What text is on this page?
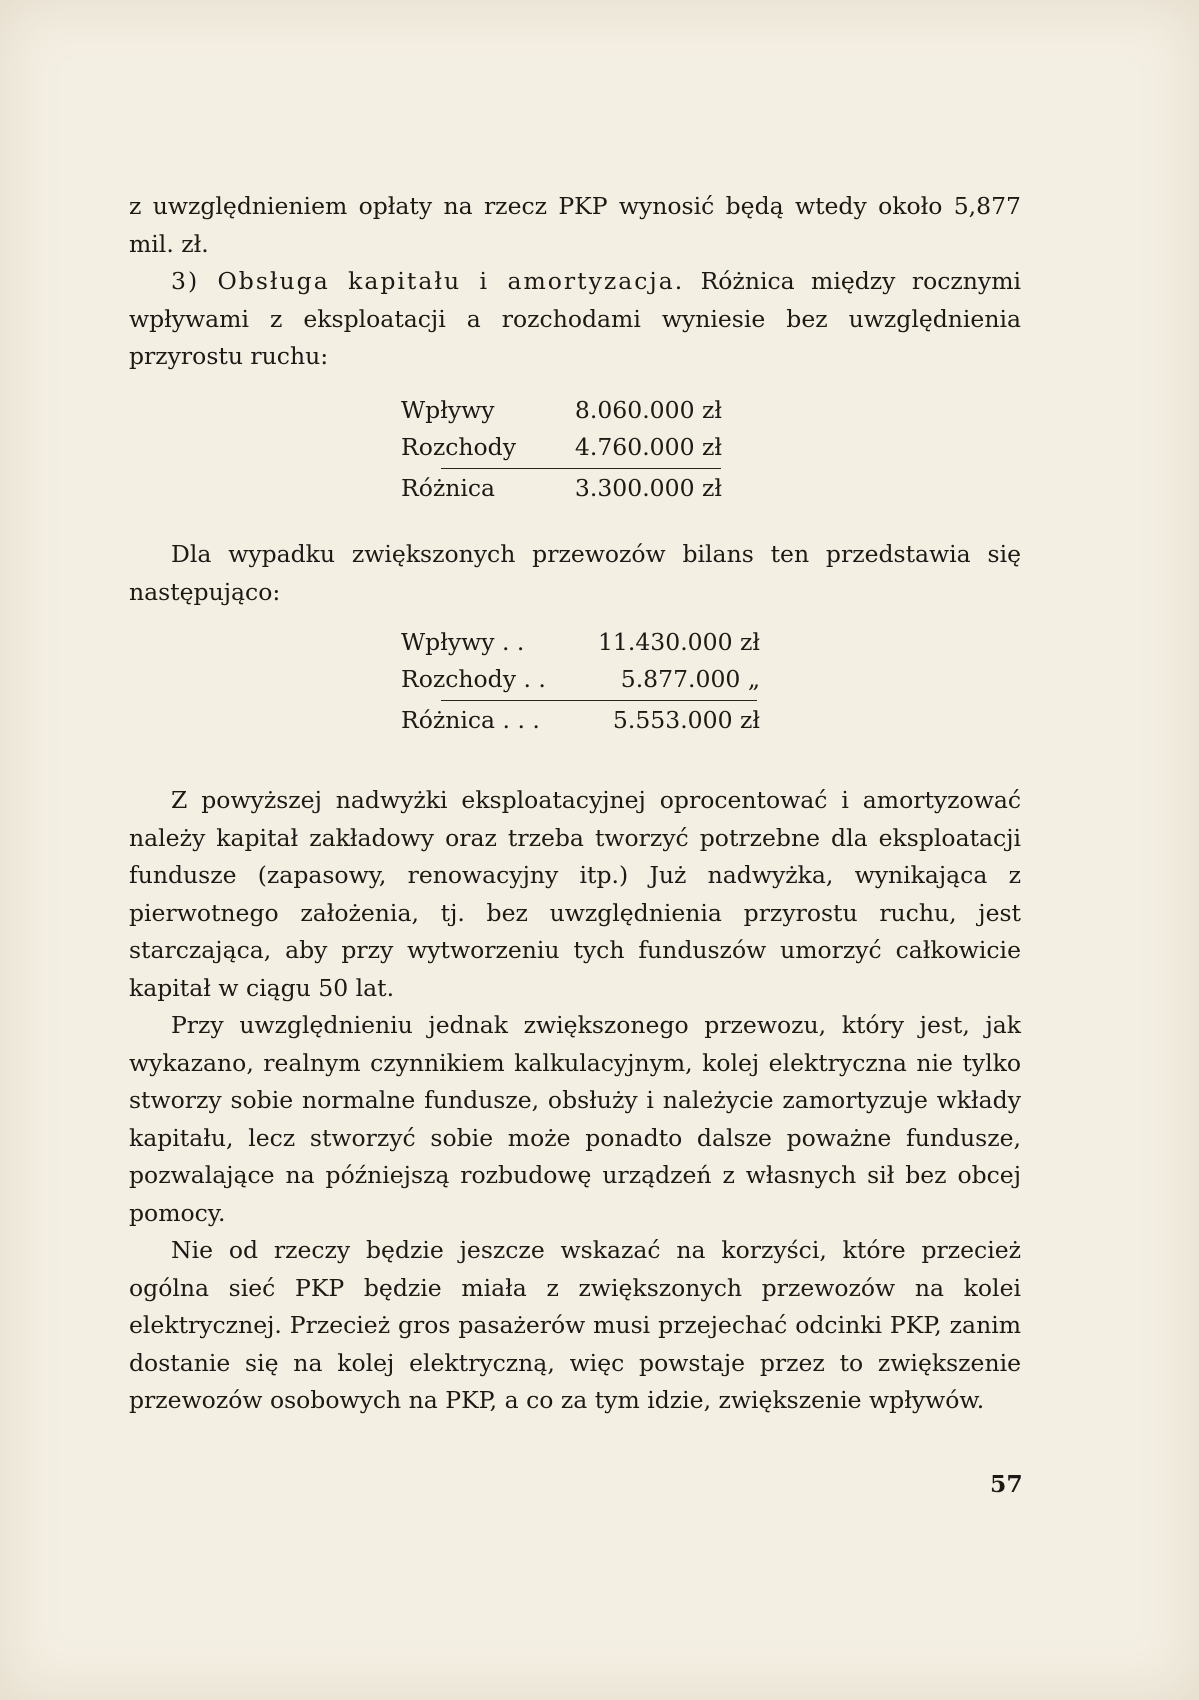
z uwzględnieniem opłaty na rzecz PKP wynosić będą wtedy około 5,877 mil. zł.

3) Obsługa kapitału i amortyzacja. Różnica między rocznymi wpływami z eksploatacji a rozchodami wyniesie bez uwzględnienia przyrostu ruchu:

Wpływy	8.060.000 zł
Rozchody	4.760.000 zł
Różnica	3.300.000 zł

Dla wypadku zwiększonych przewozów bilans ten przedstawia się następująco:

Wpływy . .	11.430.000 zł
Rozchody . .	5.877.000 „
Różnica . . .	5.553.000 zł

Z powyższej nadwyżki eksploatacyjnej oprocentować i amortyzować należy kapitał zakładowy oraz trzeba tworzyć potrzebne dla eksploatacji fundusze (zapasowy, renowacyjny itp.) Już nadwyżka, wynikająca z pierwotnego założenia, tj. bez uwzględnienia przyrostu ruchu, jest starczająca, aby przy wytworzeniu tych funduszów umorzyć całkowicie kapitał w ciągu 50 lat.

Przy uwzględnieniu jednak zwiększonego przewozu, który jest, jak wykazano, realnym czynnikiem kalkulacyjnym, kolej elektryczna nie tylko stworzy sobie normalne fundusze, obsłuży i należycie zamortyzuje wkłady kapitału, lecz stworzyć sobie może ponadto dalsze poważne fundusze, pozwalające na późniejszą rozbudowę urządzeń z własnych sił bez obcej pomocy.

Nie od rzeczy będzie jeszcze wskazać na korzyści, które przecież ogólna sieć PKP będzie miała z zwiększonych przewozów na kolei elektrycznej. Przecież gros pasażerów musi przejechać odcinki PKP, zanim dostanie się na kolej elektryczną, więc powstaje przez to zwiększenie przewozów osobowych na PKP, a co za tym idzie, zwiększenie wpływów.

57
